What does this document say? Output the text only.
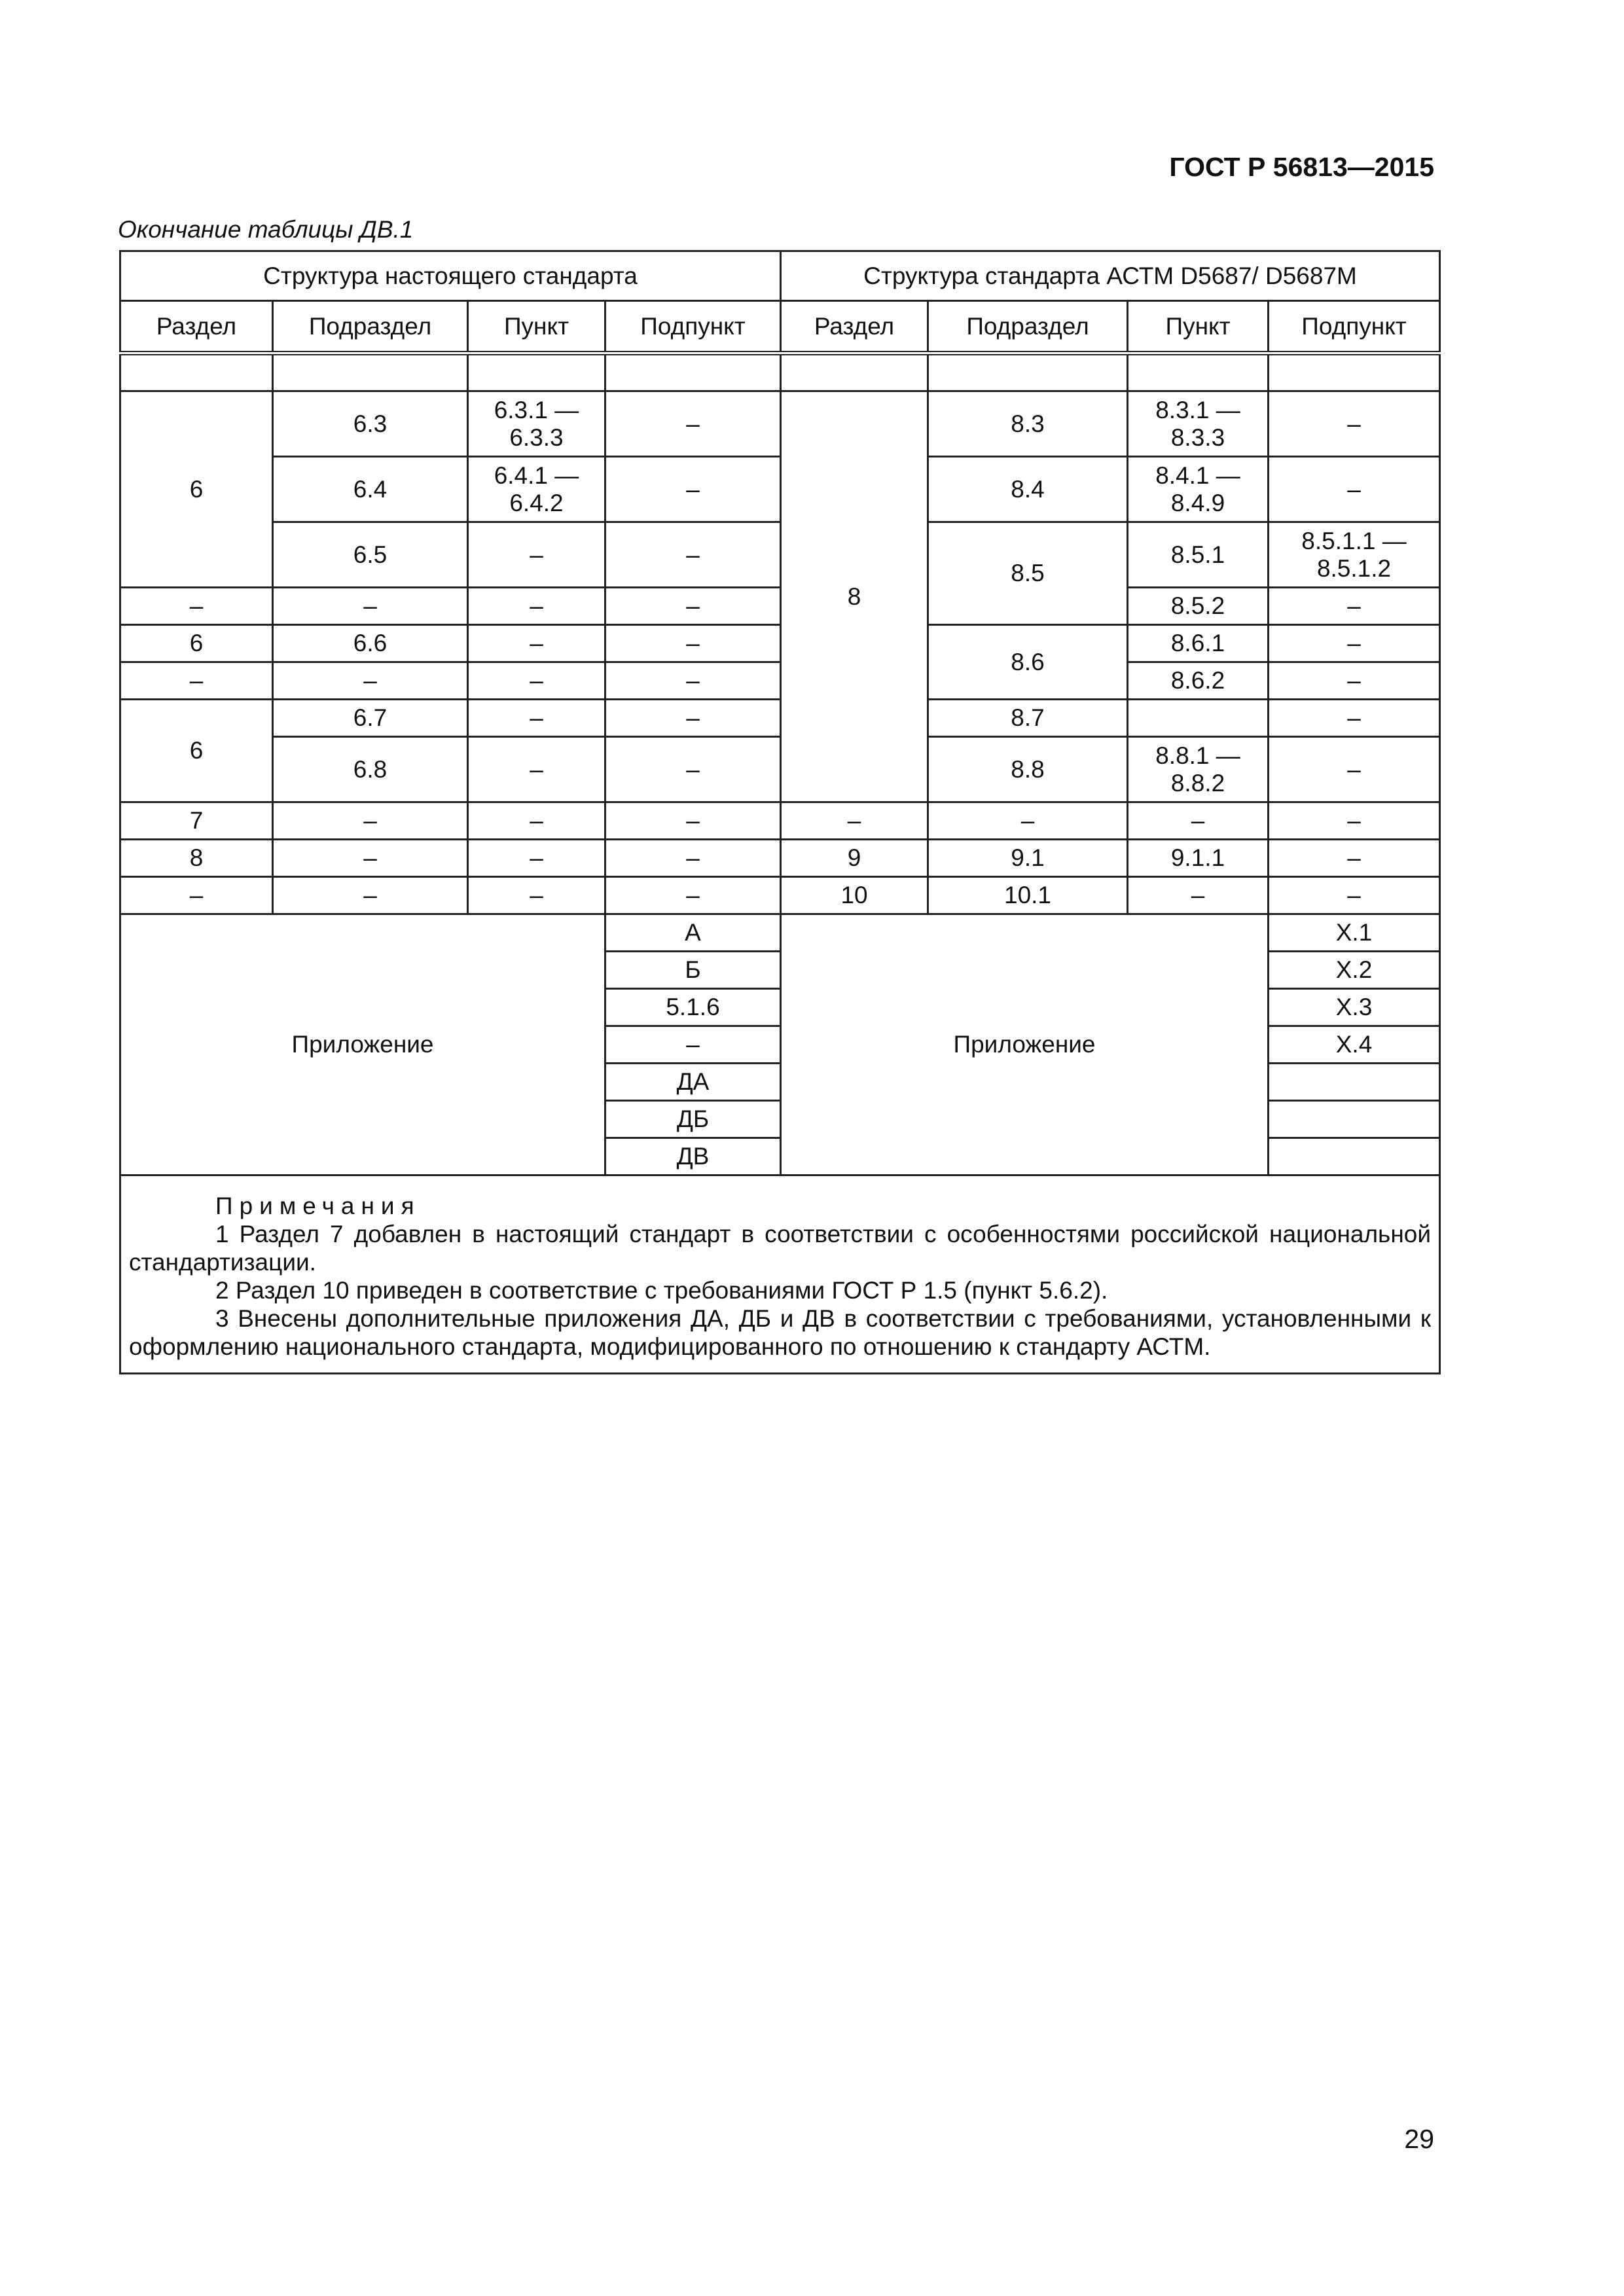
ГОСТ Р 56813—2015
Окончание таблицы ДВ.1
Структура настоящего стандарта				Структура стандарта АСТМ D5687/ D5687M			
Раздел	Подраздел	Пункт	Подпункт	Раздел	Подраздел	Пункт	Подпункт

6	6.3	6.3.1 — 6.3.3	–	8	8.3	8.3.1 — 8.3.3	–
	6.4	6.4.1 — 6.4.2	–		8.4	8.4.1 — 8.4.9	–
	6.5	–	–		8.5	8.5.1	8.5.1.1 — 8.5.1.2
–	–	–	–			8.5.2	–
6	6.6	–	–		8.6	8.6.1	–
–	–	–	–			8.6.2	–
6	6.7	–	–		8.7		–
	6.8	–	–		8.8	8.8.1 — 8.8.2	–
7	–	–	–	–	–	–	–
8	–	–	–	9	9.1	9.1.1	–
–	–	–	–	10	10.1	–	–
Приложение			А	Приложение			Х.1
			Б				Х.2
			5.1.6				Х.3
			–				Х.4
			ДА				
			ДБ				
			ДВ				

Примечания
1 Раздел 7 добавлен в настоящий стандарт в соответствии с особенностями российской национальной стандартизации.
2 Раздел 10 приведен в соответствие с требованиями ГОСТ Р 1.5 (пункт 5.6.2).
3 Внесены дополнительные приложения ДА, ДБ и ДВ в соответствии с требованиями, установленными к оформлению национального стандарта, модифицированного по отношению к стандарту АСТМ.							
29
